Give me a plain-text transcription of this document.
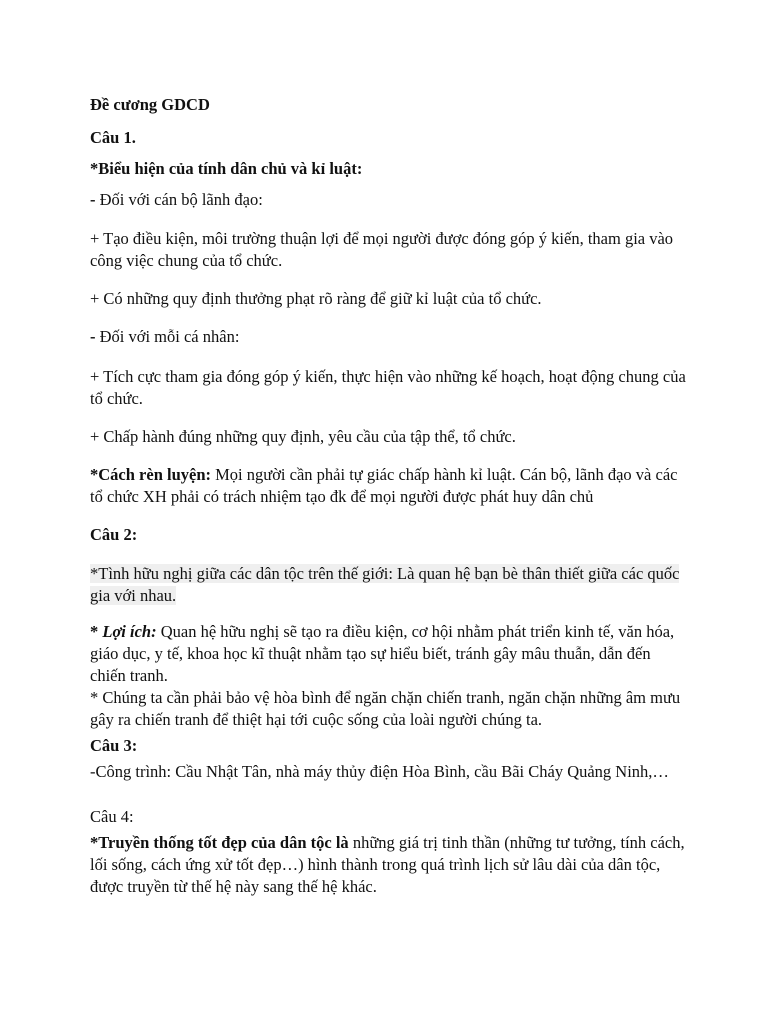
Đề cương GDCD

Câu 1.

*Biểu hiện của tính dân chủ và kỉ luật:

- Đối với cán bộ lãnh đạo:

+ Tạo điều kiện, môi trường thuận lợi để mọi người được đóng góp ý kiến, tham gia vào công việc chung của tổ chức.

+ Có những quy định thưởng phạt rõ ràng để giữ kỉ luật của tổ chức.

- Đối với mỗi cá nhân:

+ Tích cực tham gia đóng góp ý kiến, thực hiện vào những kế hoạch, hoạt động chung của tổ chức.

+ Chấp hành đúng những quy định, yêu cầu của tập thể, tổ chức.

*Cách rèn luyện: Mọi người cần phải tự giác chấp hành kỉ luật. Cán bộ, lãnh đạo và các tổ chức XH phải có trách nhiệm tạo đk để mọi người được phát huy dân chủ

Câu 2:

*Tình hữu nghị giữa các dân tộc trên thế giới: Là quan hệ bạn bè thân thiết giữa các quốc gia với nhau.

* Lợi ích: Quan hệ hữu nghị sẽ tạo ra điều kiện, cơ hội nhằm phát triển kinh tế, văn hóa, giáo dục, y tế, khoa học kĩ thuật nhằm tạo sự hiểu biết, tránh gây mâu thuẫn, dẫn đến chiến tranh.

* Chúng ta cần phải bảo vệ hòa bình để ngăn chặn chiến tranh, ngăn chặn những âm mưu gây ra chiến tranh để thiệt hại tới cuộc sống của loài người chúng ta.

Câu 3:

-Công trình: Cầu Nhật Tân, nhà máy thủy điện Hòa Bình, cầu Bãi Cháy Quảng Ninh,…

Câu 4:

*Truyền thống tốt đẹp của dân tộc là những giá trị tinh thần (những tư tưởng, tính cách, lối sống, cách ứng xử tốt đẹp…) hình thành trong quá trình lịch sử lâu dài của dân tộc, được truyền từ thế hệ này sang thế hệ khác.
